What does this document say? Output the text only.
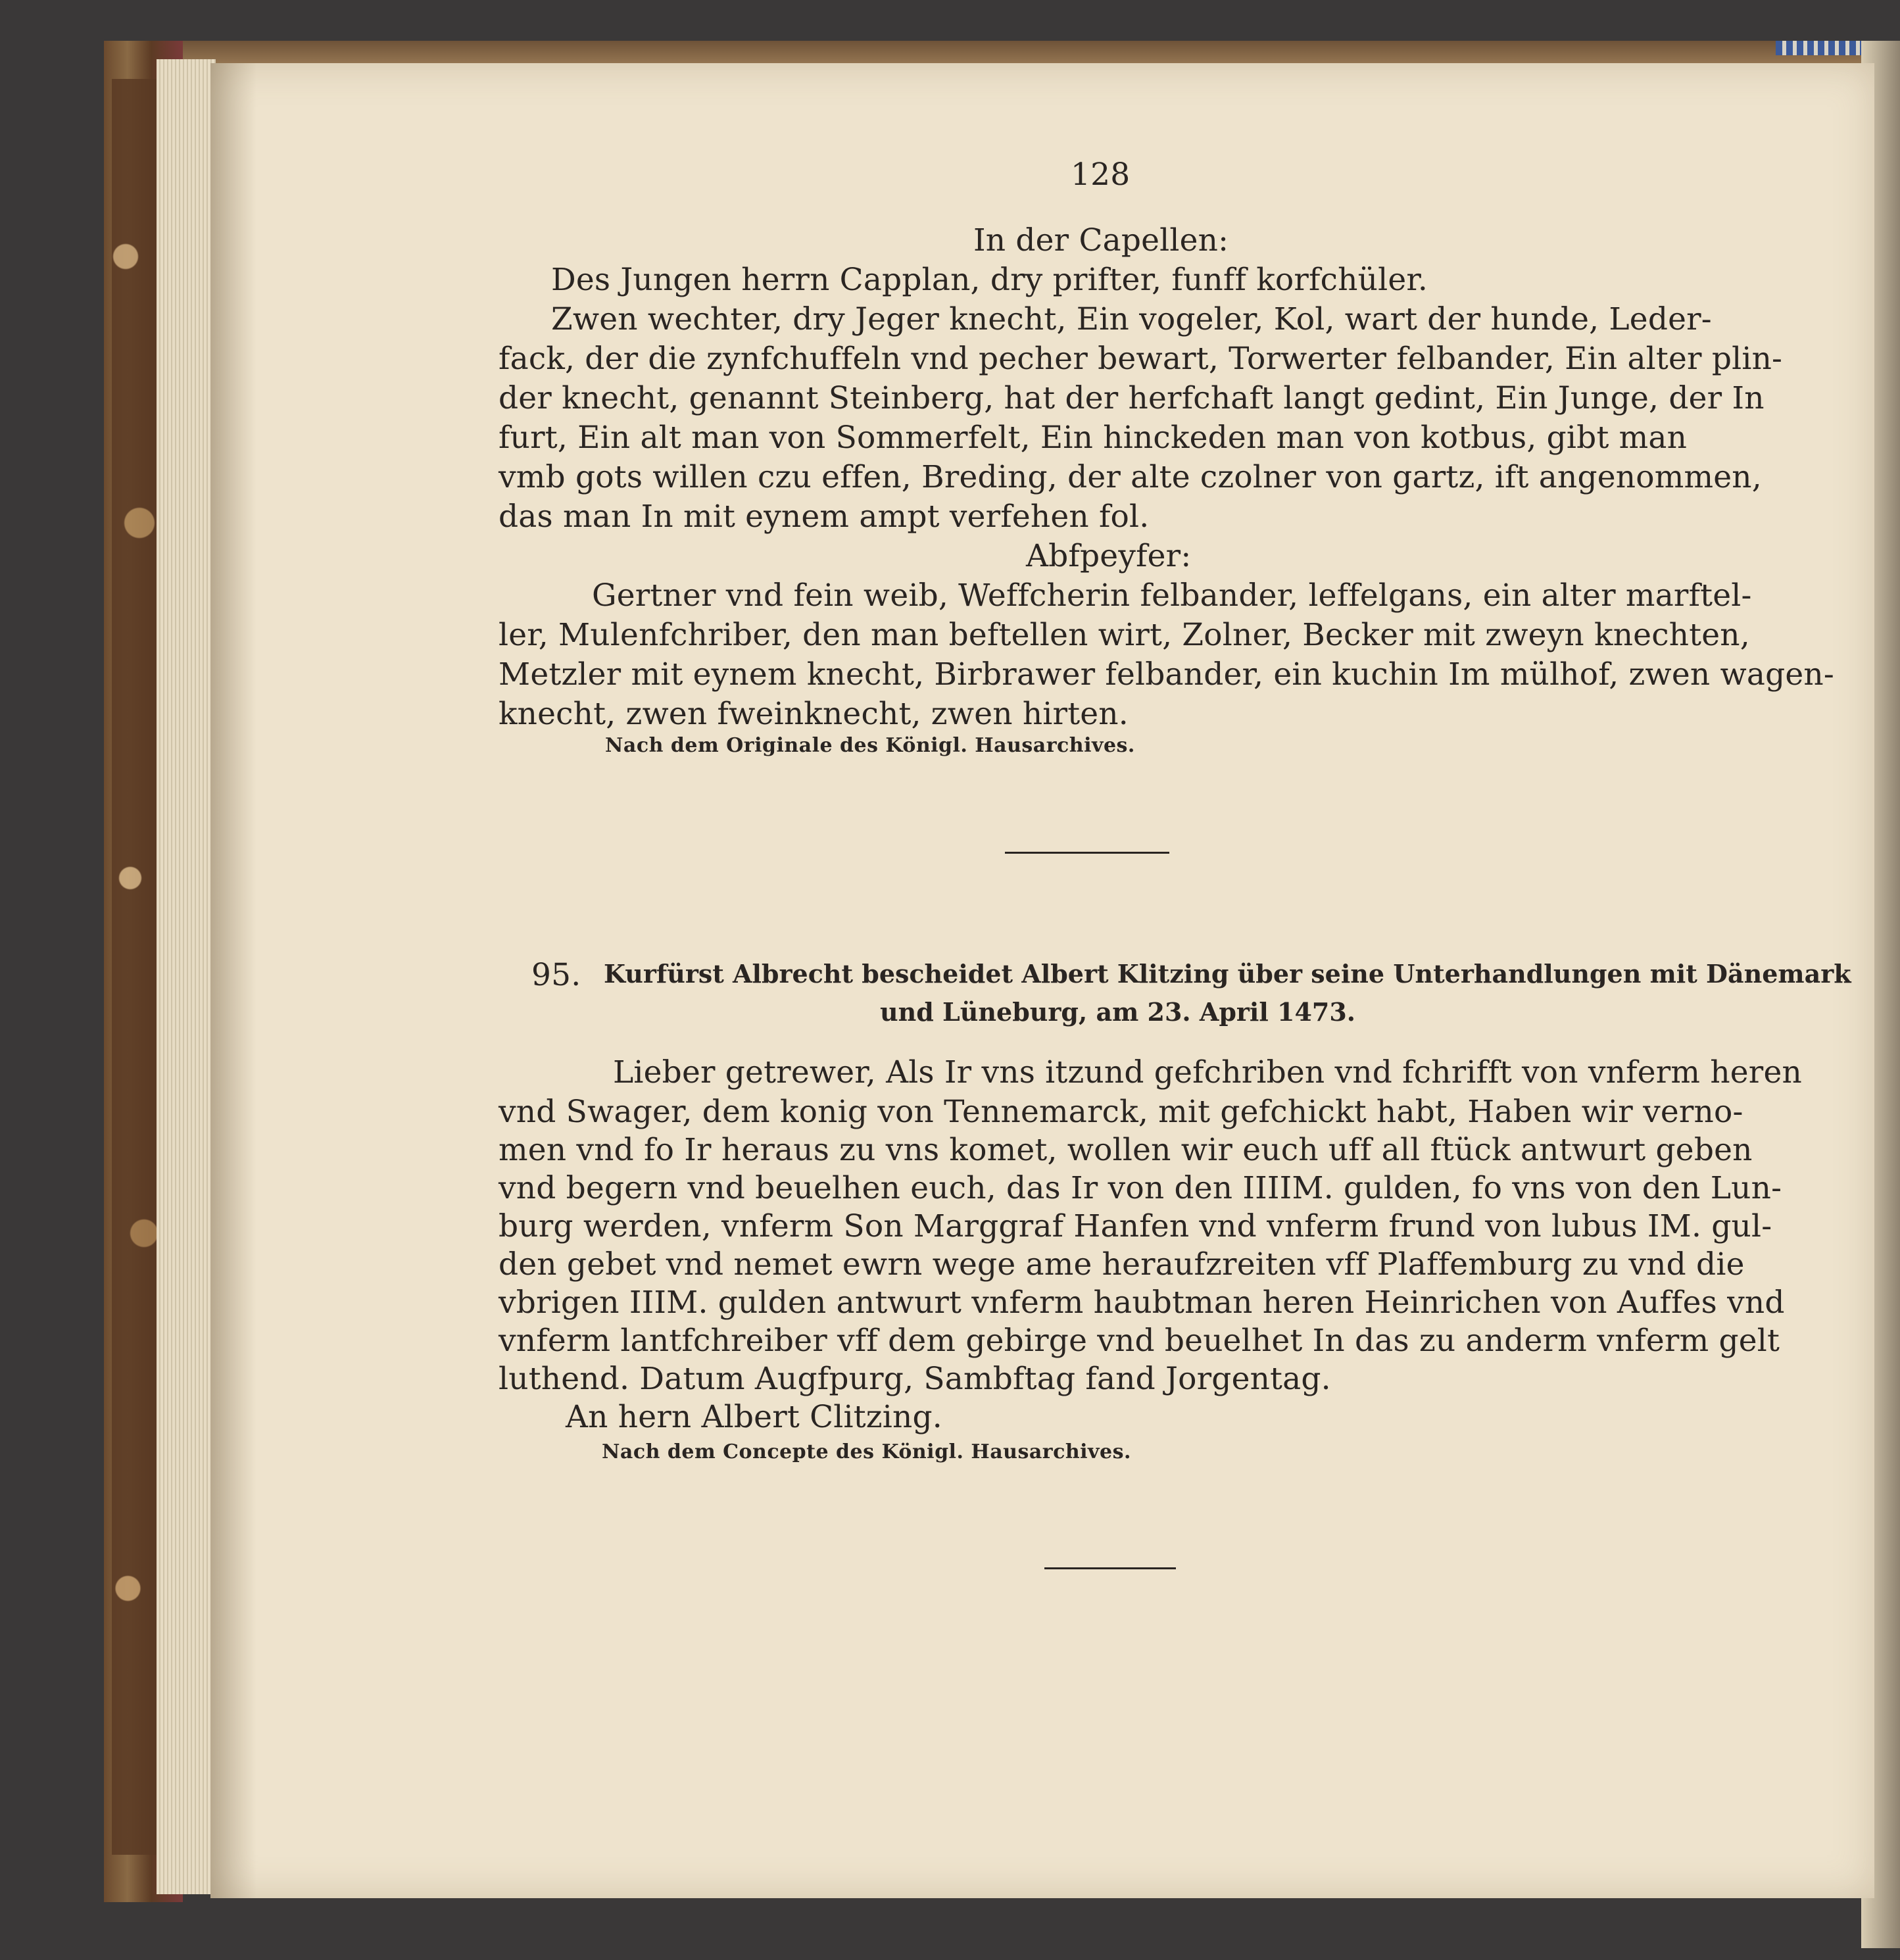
128
In der Capellen:
Des Jungen herrn Capplan, dry prifter, funff korfchüler.
Zwen wechter, dry Jeger knecht, Ein vogeler, Kol, wart der hunde, Leder-
fack, der die zynfchuffeln vnd pecher bewart, Torwerter felbander, Ein alter plin-
der knecht, genannt Steinberg, hat der herfchaft langt gedint, Ein Junge, der In
furt, Ein alt man von Sommerfelt, Ein hinckeden man von kotbus, gibt man
vmb gots willen czu effen, Breding, der alte czolner von gartz, ift angenommen,
das man In mit eynem ampt verfehen fol.
Abfpeyfer:
Gertner vnd fein weib, Weffcherin felbander, leffelgans, ein alter marftel-
ler, Mulenfchriber, den man beftellen wirt, Zolner, Becker mit zweyn knechten,
Metzler mit eynem knecht, Birbrawer felbander, ein kuchin Im mülhof, zwen wagen-
knecht, zwen fweinknecht, zwen hirten.
Nach dem Originale des Königl. Hausarchives.
95. Kurfürst Albrecht bescheidet Albert Klitzing über seine Unterhandlungen mit Dänemark
und Lüneburg, am 23. April 1473.
Lieber getrewer, Als Ir vns itzund gefchriben vnd fchrifft von vnferm heren
vnd Swager, dem konig von Tennemarck, mit gefchickt habt, Haben wir verno-
men vnd fo Ir heraus zu vns komet, wollen wir euch uff all ftück antwurt geben
vnd begern vnd beuelhen euch, das Ir von den IIIIM. gulden, fo vns von den Lun-
burg werden, vnferm Son Marggraf Hanfen vnd vnferm frund von lubus IM. gul-
den gebet vnd nemet ewrn wege ame heraufzreiten vff Plaffemburg zu vnd die
vbrigen IIIM. gulden antwurt vnferm haubtman heren Heinrichen von Auffes vnd
vnferm lantfchreiber vff dem gebirge vnd beuelhet In das zu anderm vnferm gelt
luthend. Datum Augfpurg, Sambftag fand Jorgentag.
An hern Albert Clitzing.
Nach dem Concepte des Königl. Hausarchives.
